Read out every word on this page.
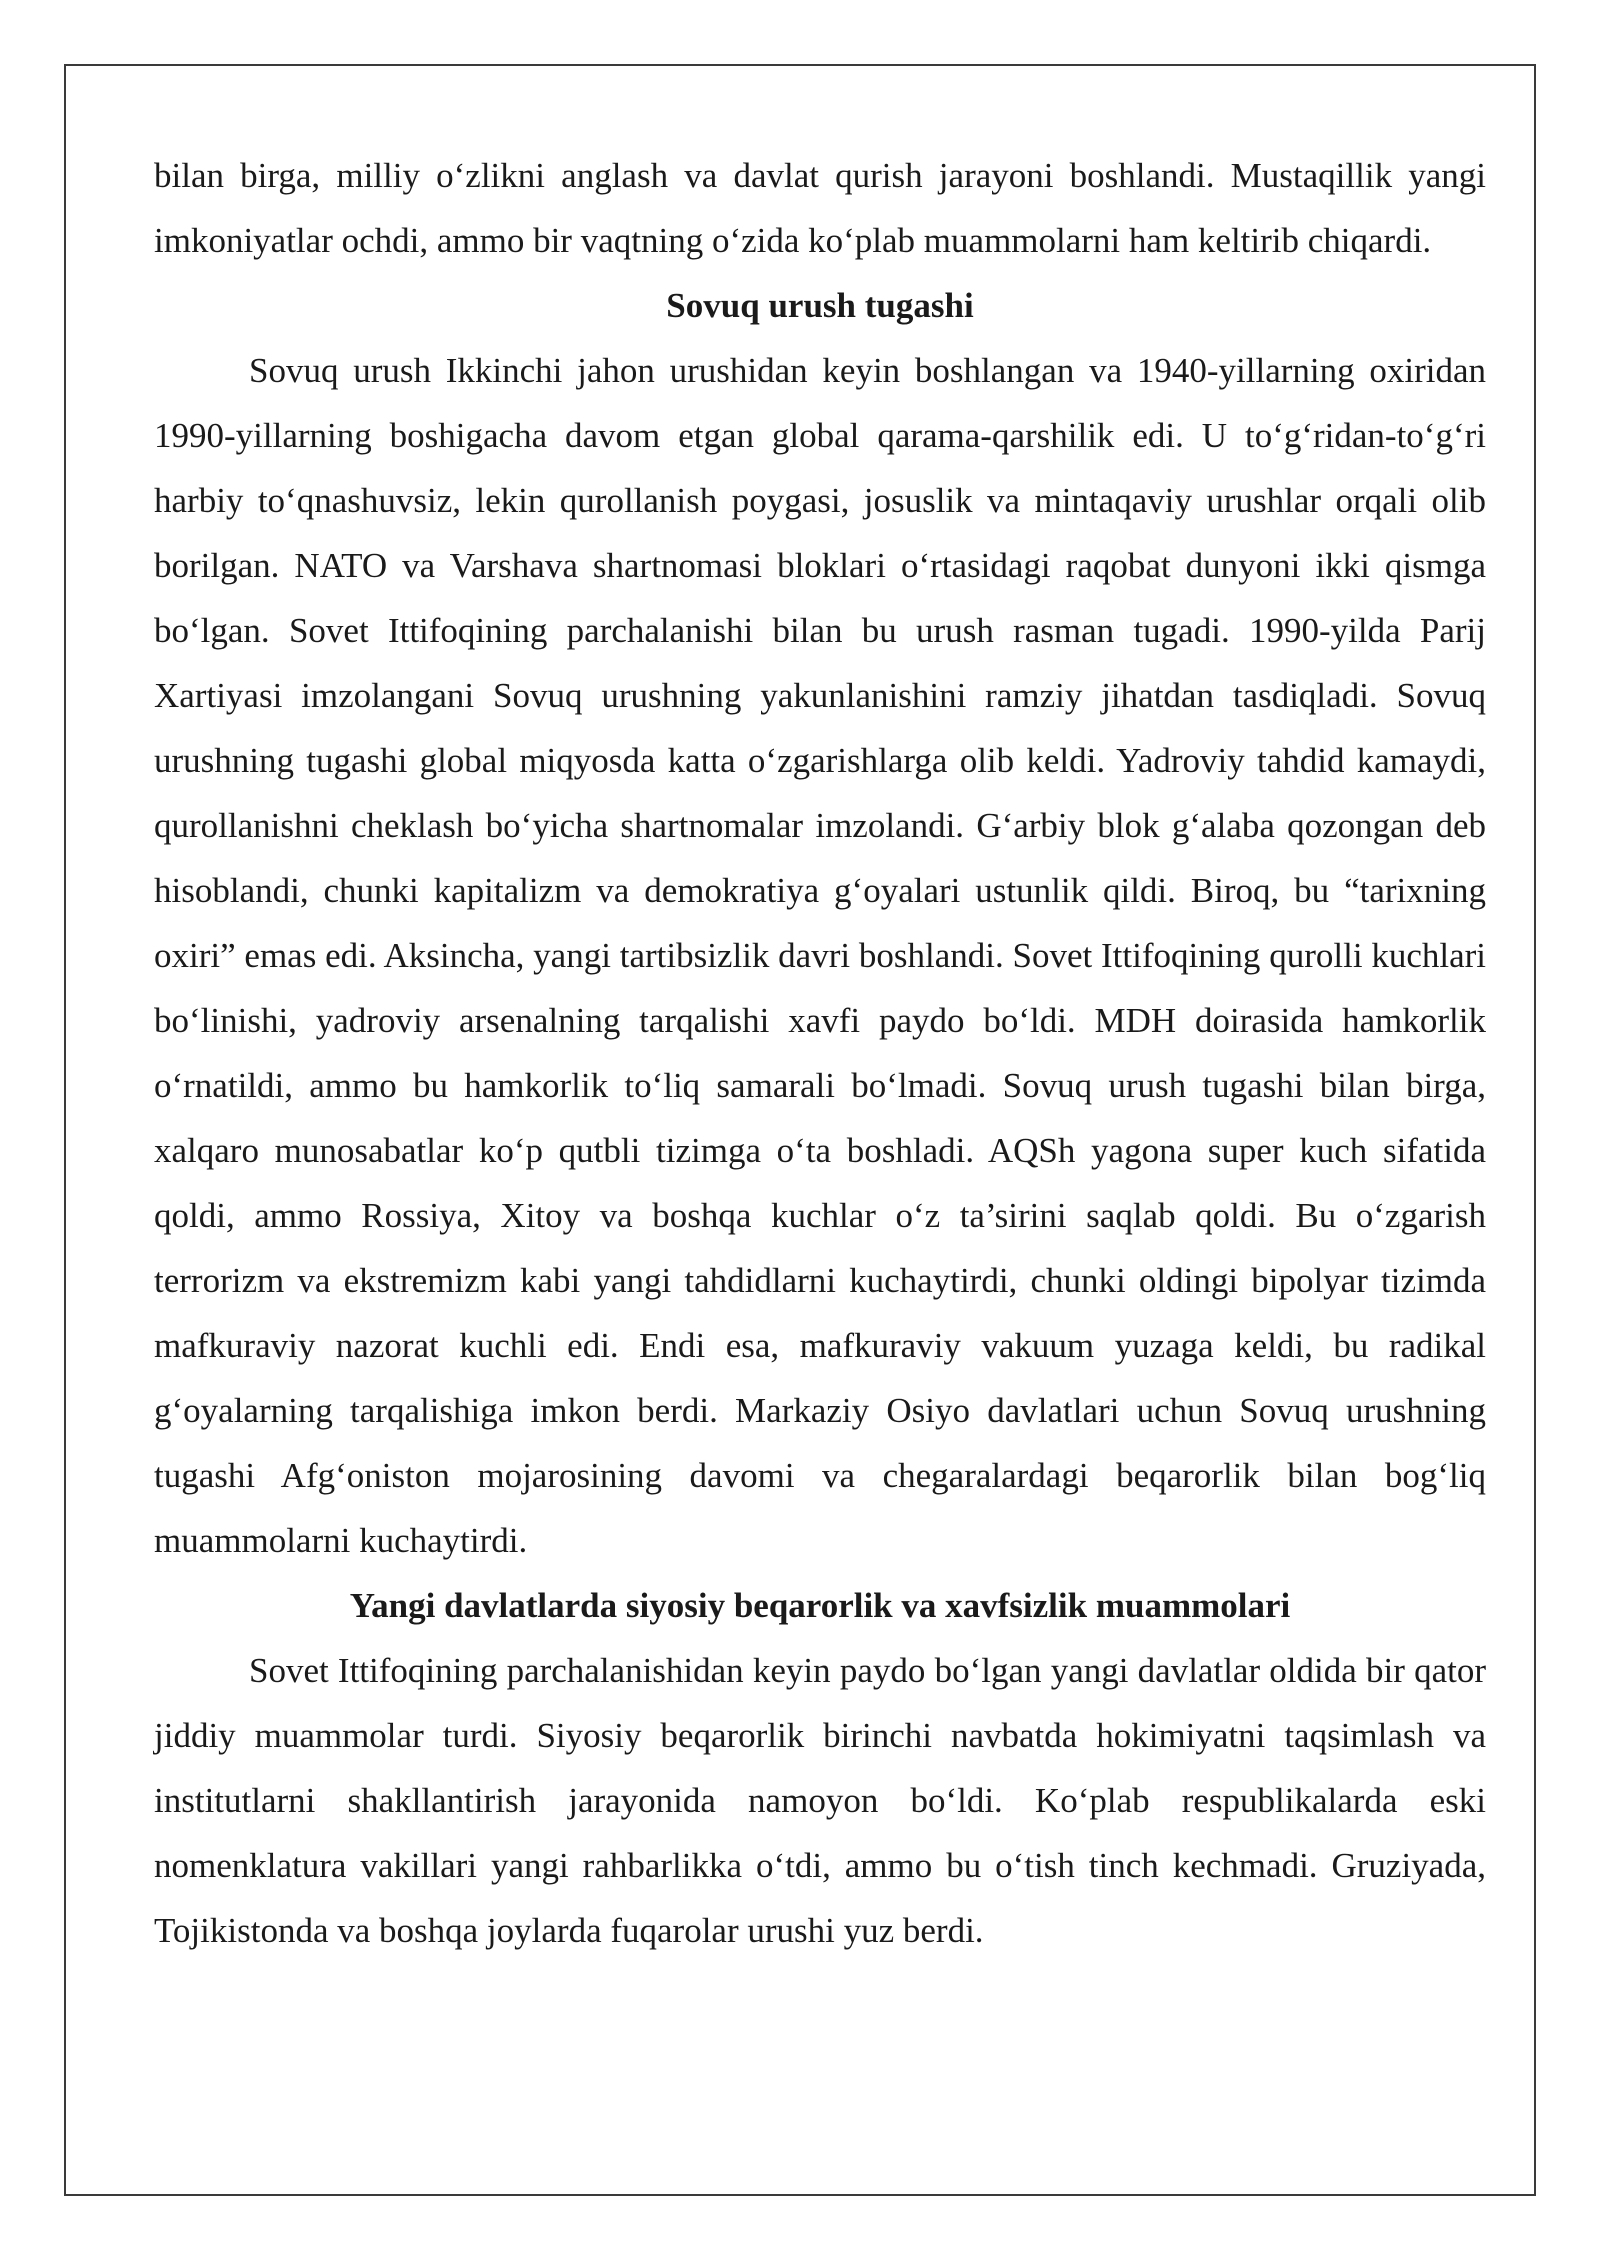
bilan birga, milliy o‘zlikni anglash va davlat qurish jarayoni boshlandi. Mustaqillik yangi imkoniyatlar ochdi, ammo bir vaqtning o‘zida ko‘plab muammolarni ham keltirib chiqardi.

Sovuq urush tugashi

Sovuq urush Ikkinchi jahon urushidan keyin boshlangan va 1940-yillarning oxiridan 1990-yillarning boshigacha davom etgan global qarama-qarshilik edi. U to‘g‘ridan-to‘g‘ri harbiy to‘qnashuvsiz, lekin qurollanish poygasi, josuslik va mintaqaviy urushlar orqali olib borilgan. NATO va Varshava shartnomasi bloklari o‘rtasidagi raqobat dunyoni ikki qismga bo‘lgan. Sovet Ittifoqining parchalanishi bilan bu urush rasman tugadi. 1990-yilda Parij Xartiyasi imzolangani Sovuq urushning yakunlanishini ramziy jihatdan tasdiqladi. Sovuq urushning tugashi global miqyosda katta o‘zgarishlarga olib keldi. Yadroviy tahdid kamaydi, qurollanishni cheklash bo‘yicha shartnomalar imzolandi. G‘arbiy blok g‘alaba qozongan deb hisoblandi, chunki kapitalizm va demokratiya g‘oyalari ustunlik qildi. Biroq, bu “tarixning oxiri” emas edi. Aksincha, yangi tartibsizlik davri boshlandi. Sovet Ittifoqining qurolli kuchlari bo‘linishi, yadroviy arsenalning tarqalishi xavfi paydo bo‘ldi. MDH doirasida hamkorlik o‘rnatildi, ammo bu hamkorlik to‘liq samarali bo‘lmadi. Sovuq urush tugashi bilan birga, xalqaro munosabatlar ko‘p qutbli tizimga o‘ta boshladi. AQSh yagona super kuch sifatida qoldi, ammo Rossiya, Xitoy va boshqa kuchlar o‘z ta’sirini saqlab qoldi. Bu o‘zgarish terrorizm va ekstremizm kabi yangi tahdidlarni kuchaytirdi, chunki oldingi bipolyar tizimda mafkuraviy nazorat kuchli edi. Endi esa, mafkuraviy vakuum yuzaga keldi, bu radikal g‘oyalarning tarqalishiga imkon berdi. Markaziy Osiyo davlatlari uchun Sovuq urushning tugashi Afg‘oniston mojarosining davomi va chegaralardagi beqarorlik bilan bog‘liq muammolarni kuchaytirdi.

Yangi davlatlarda siyosiy beqarorlik va xavfsizlik muammolari

Sovet Ittifoqining parchalanishidan keyin paydo bo‘lgan yangi davlatlar oldida bir qator jiddiy muammolar turdi. Siyosiy beqarorlik birinchi navbatda hokimiyatni taqsimlash va institutlarni shakllantirish jarayonida namoyon bo‘ldi. Ko‘plab respublikalarda eski nomenklatura vakillari yangi rahbarlikka o‘tdi, ammo bu o‘tish tinch kechmadi. Gruziyada, Tojikistonda va boshqa joylarda fuqarolar urushi yuz berdi.
